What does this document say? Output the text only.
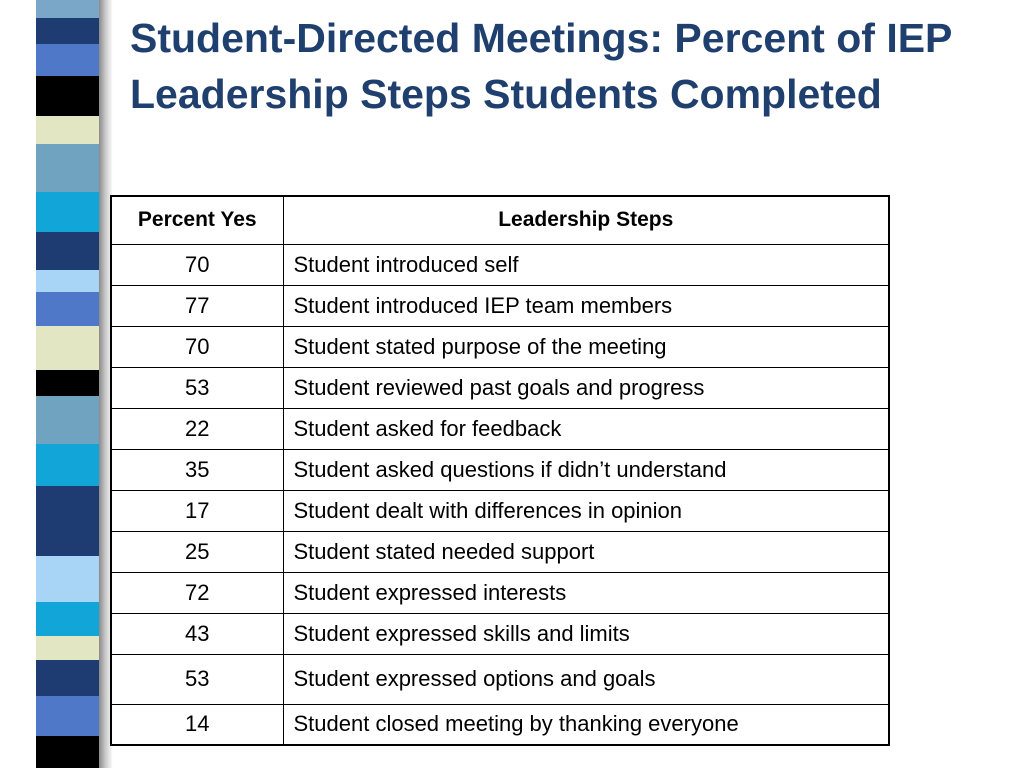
Student-Directed Meetings: Percent of IEP Leadership Steps Students Completed
Percent Yes	Leadership Steps
70	Student introduced self
77	Student introduced IEP team members
70	Student stated purpose of the meeting
53	Student reviewed past goals and progress
22	Student asked for feedback
35	Student asked questions if didn’t understand
17	Student dealt with differences in opinion
25	Student stated needed support
72	Student expressed interests
43	Student expressed skills and limits
53	Student expressed options and goals
14	Student closed meeting by thanking everyone
